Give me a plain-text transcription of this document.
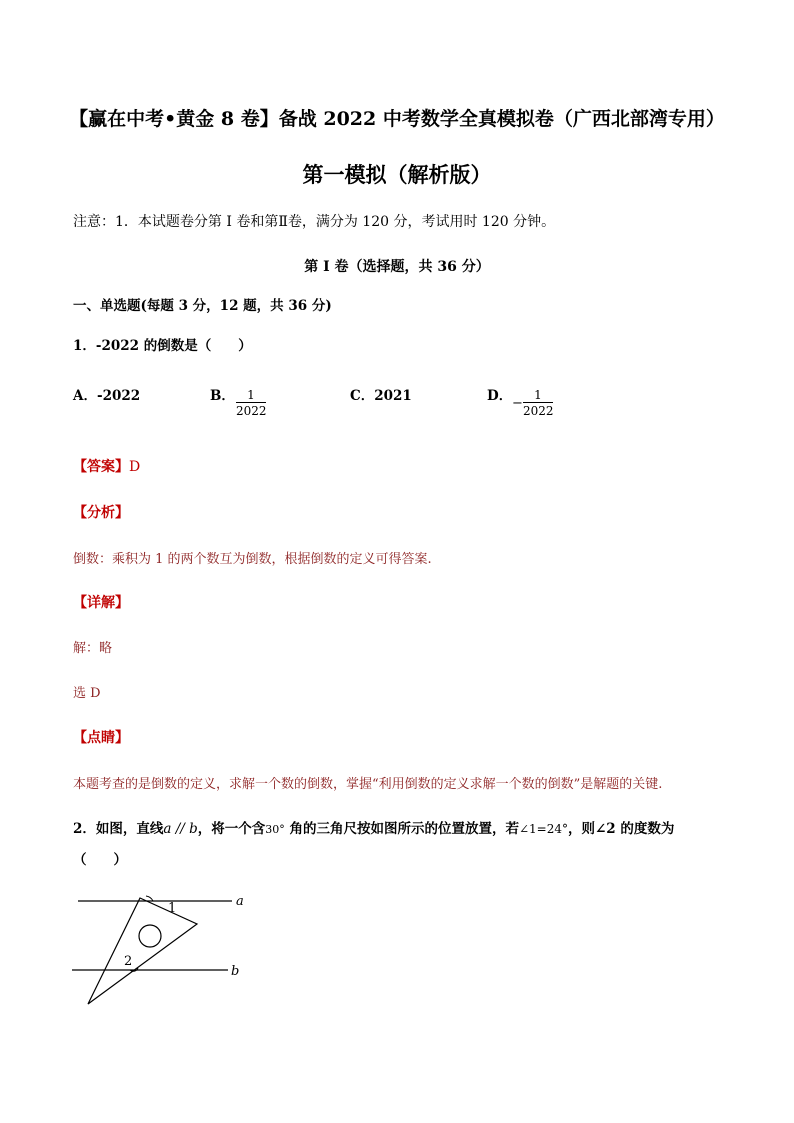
【赢在中考•黄金 8 卷】备战 2022 中考数学全真模拟卷（广西北部湾专用）
第一模拟（解析版）
注意：1．本试题卷分第 I 卷和第Ⅱ卷，满分为 120 分，考试用时 120 分钟。
第 I 卷（选择题，共 36 分）
一、单选题(每题 3 分，12 题，共 36 分)
1．-2022 的倒数是（　　）
A．-2022	B． $\frac{1}{2022}$	C．2021	D． − $\frac{1}{2022}$
【答案】D
【分析】
倒数：乘积为 1 的两个数互为倒数，根据倒数的定义可得答案.
【详解】
解：略
选 D
【点睛】
本题考查的是倒数的定义，求解一个数的倒数，掌握“利用倒数的定义求解一个数的倒数”是解题的关键.
2．如图，直线a // b，将一个含30° 角的三角尺按如图所示的位置放置，若∠1=24°，则∠2 的度数为
（　　）
a
b
1
2
